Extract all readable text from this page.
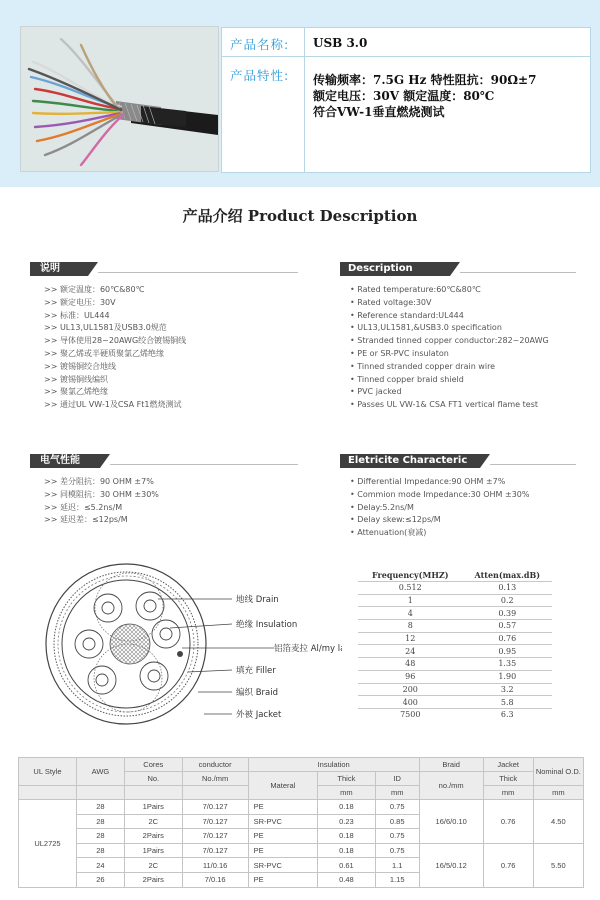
产品名称: USB 3.0
产品特性: 传输频率：7.5G Hz 特性阻抗：90Ω±7
额定电压：30V 额定温度：80℃
符合VW-1垂直燃烧测试
产品介绍 Product Description
说明	Description
>> 额定温度：60℃&80℃
>> 额定电压：30V
>> 标准：UL444
>> UL13,UL1581及USB3.0规范
>> 导体使用28~20AWG绞合镀锡铜线
>> 聚乙烯或半硬质聚氯乙烯绝缘
>> 镀锡铜绞合地线
>> 镀锡铜线编织
>> 聚氯乙烯绝缘
>> 通过UL VW-1及CSA Ft1燃烧测试
• Rated temperature:60℃&80℃
• Rated voltage:30V
• Reference standard:UL444
• UL13,UL1581,&USB3.0 specification
• Stranded tinned copper conductor:282~20AWG
• PE or SR-PVC insulaton
• Tinned stranded copper drain wire
• Tinned copper braid shield
• PVC jacked
• Passes UL VW-1& CSA FT1 vertical flame test
电气性能	Eletricite Characteric
>> 差分阻抗：90 OHM ±7%
>> 同模阻抗：30 OHM ±30%
>> 延迟：≤5.2ns/M
>> 延迟差：≤12ps/M
• Differential Impedance:90 OHM ±7%
• Commion mode Impedance:30 OHM ±30%
• Delay:5.2ns/M
• Delay skew:≤12ps/M
• Attenuation(衰减)
地线 Drain
绝缘 Insulation
铝箔麦拉 Al/my lar
填充 Filler
编织 Braid
外被 Jacket
Frequency(MHZ)	Atten(max.dB)
0.512	0.13
1	0.2
4	0.39
8	0.57
12	0.76
24	0.95
48	1.35
96	1.90
200	3.2
400	5.8
7500	6.3
UL Style	AWG	Cores	conductor	Insulation			Braid	Jacket	Nominal O.D.
		No.	No./mm	Materal	Thick	ID	no./mm	Thick	
					mm	mm		mm	mm
UL2725	28	1Pairs	7/0.127	PE	0.18	0.75	16/6/0.10	0.76	4.50
	28	2C	7/0.127	SR-PVC	0.23	0.85			
	28	2Pairs	7/0.127	PE	0.18	0.75			
	28	1Pairs	7/0.127	PE	0.18	0.75	16/5/0.12	0.76	5.50
	24	2C	11/0.16	SR-PVC	0.61	1.1			
	26	2Pairs	7/0.16	PE	0.48	1.15			
